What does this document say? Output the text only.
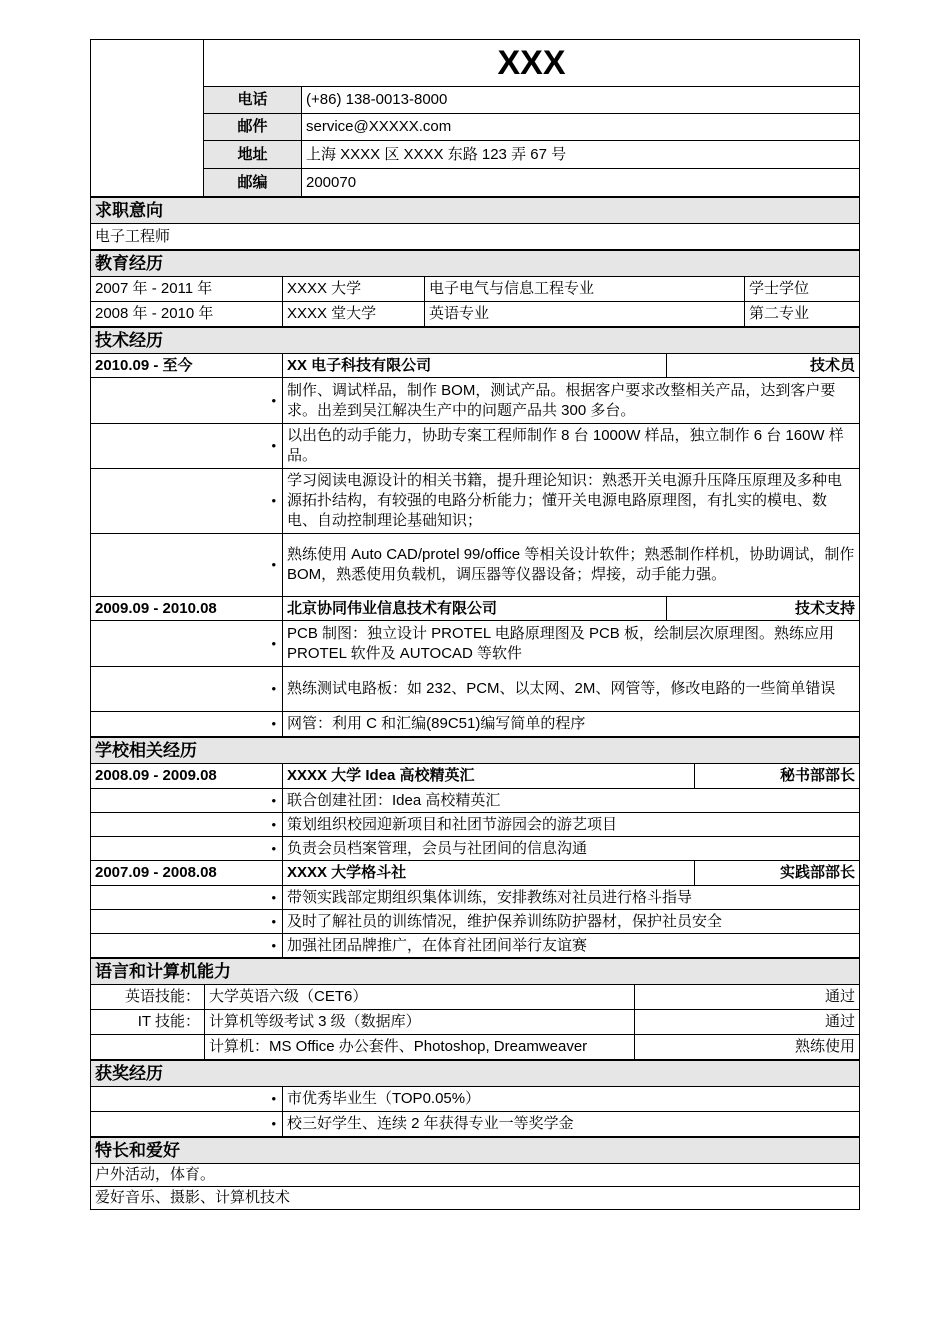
	XXX	
	电话	(+86) 138-0013-8000
	邮件	service@XXXXX.com
	地址	上海 XXXX 区 XXXX 东路 123 弄 67 号
	邮编	200070
求职意向
电子工程师
教育经历			
2007 年 - 2011 年	XXXX 大学	电子电气与信息工程专业	学士学位
2008 年 - 2010 年	XXXX 堂大学	英语专业	第二专业
技术经历		
2010.09 - 至今	XX 电子科技有限公司	技术员
•	制作、调试样品，制作 BOM，测试产品。根据客户要求改整相关产品，达到客户要求。出差到吴江解决生产中的问题产品共 300 多台。	
•	以出色的动手能力，协助专案工程师制作 8 台 1000W 样品，独立制作 6 台 160W 样品。	
•	学习阅读电源设计的相关书籍，提升理论知识：熟悉开关电源升压降压原理及多种电源拓扑结构，有较强的电路分析能力；懂开关电源电路原理图，有扎实的模电、数电、自动控制理论基础知识；	
•	熟练使用 Auto CAD/protel 99/office 等相关设计软件；熟悉制作样机，协助调试，制作 BOM，熟悉使用负载机，调压器等仪器设备；焊接，动手能力强。	
2009.09 - 2010.08	北京协同伟业信息技术有限公司	技术支持
•	PCB 制图：独立设计 PROTEL 电路原理图及 PCB 板，绘制层次原理图。熟练应用 PROTEL 软件及 AUTOCAD 等软件	
•	熟练测试电路板：如 232、PCM、以太网、2M、网管等，修改电路的一些简单错误	
•	网管：利用 C 和汇编(89C51)编写简单的程序	
学校相关经历		
2008.09 - 2009.08	XXXX 大学 Idea 高校精英汇	秘书部部长
•	联合创建社团：Idea 高校精英汇	
•	策划组织校园迎新项目和社团节游园会的游艺项目	
•	负责会员档案管理，会员与社团间的信息沟通	
2007.09 - 2008.08	XXXX 大学格斗社	实践部部长
•	带领实践部定期组织集体训练，安排教练对社员进行格斗指导	
•	及时了解社员的训练情况，维护保养训练防护器材，保护社员安全	
•	加强社团品牌推广，在体育社团间举行友谊赛	
语言和计算机能力		
英语技能：	大学英语六级（CET6）	通过
IT 技能：	计算机等级考试 3 级（数据库）	通过
	计算机：MS Office 办公套件、Photoshop, Dreamweaver	熟练使用
获奖经历	
•	市优秀毕业生（TOP0.05%）
•	校三好学生、连续 2 年获得专业一等奖学金
特长和爱好
户外活动，体育。
爱好音乐、摄影、计算机技术
